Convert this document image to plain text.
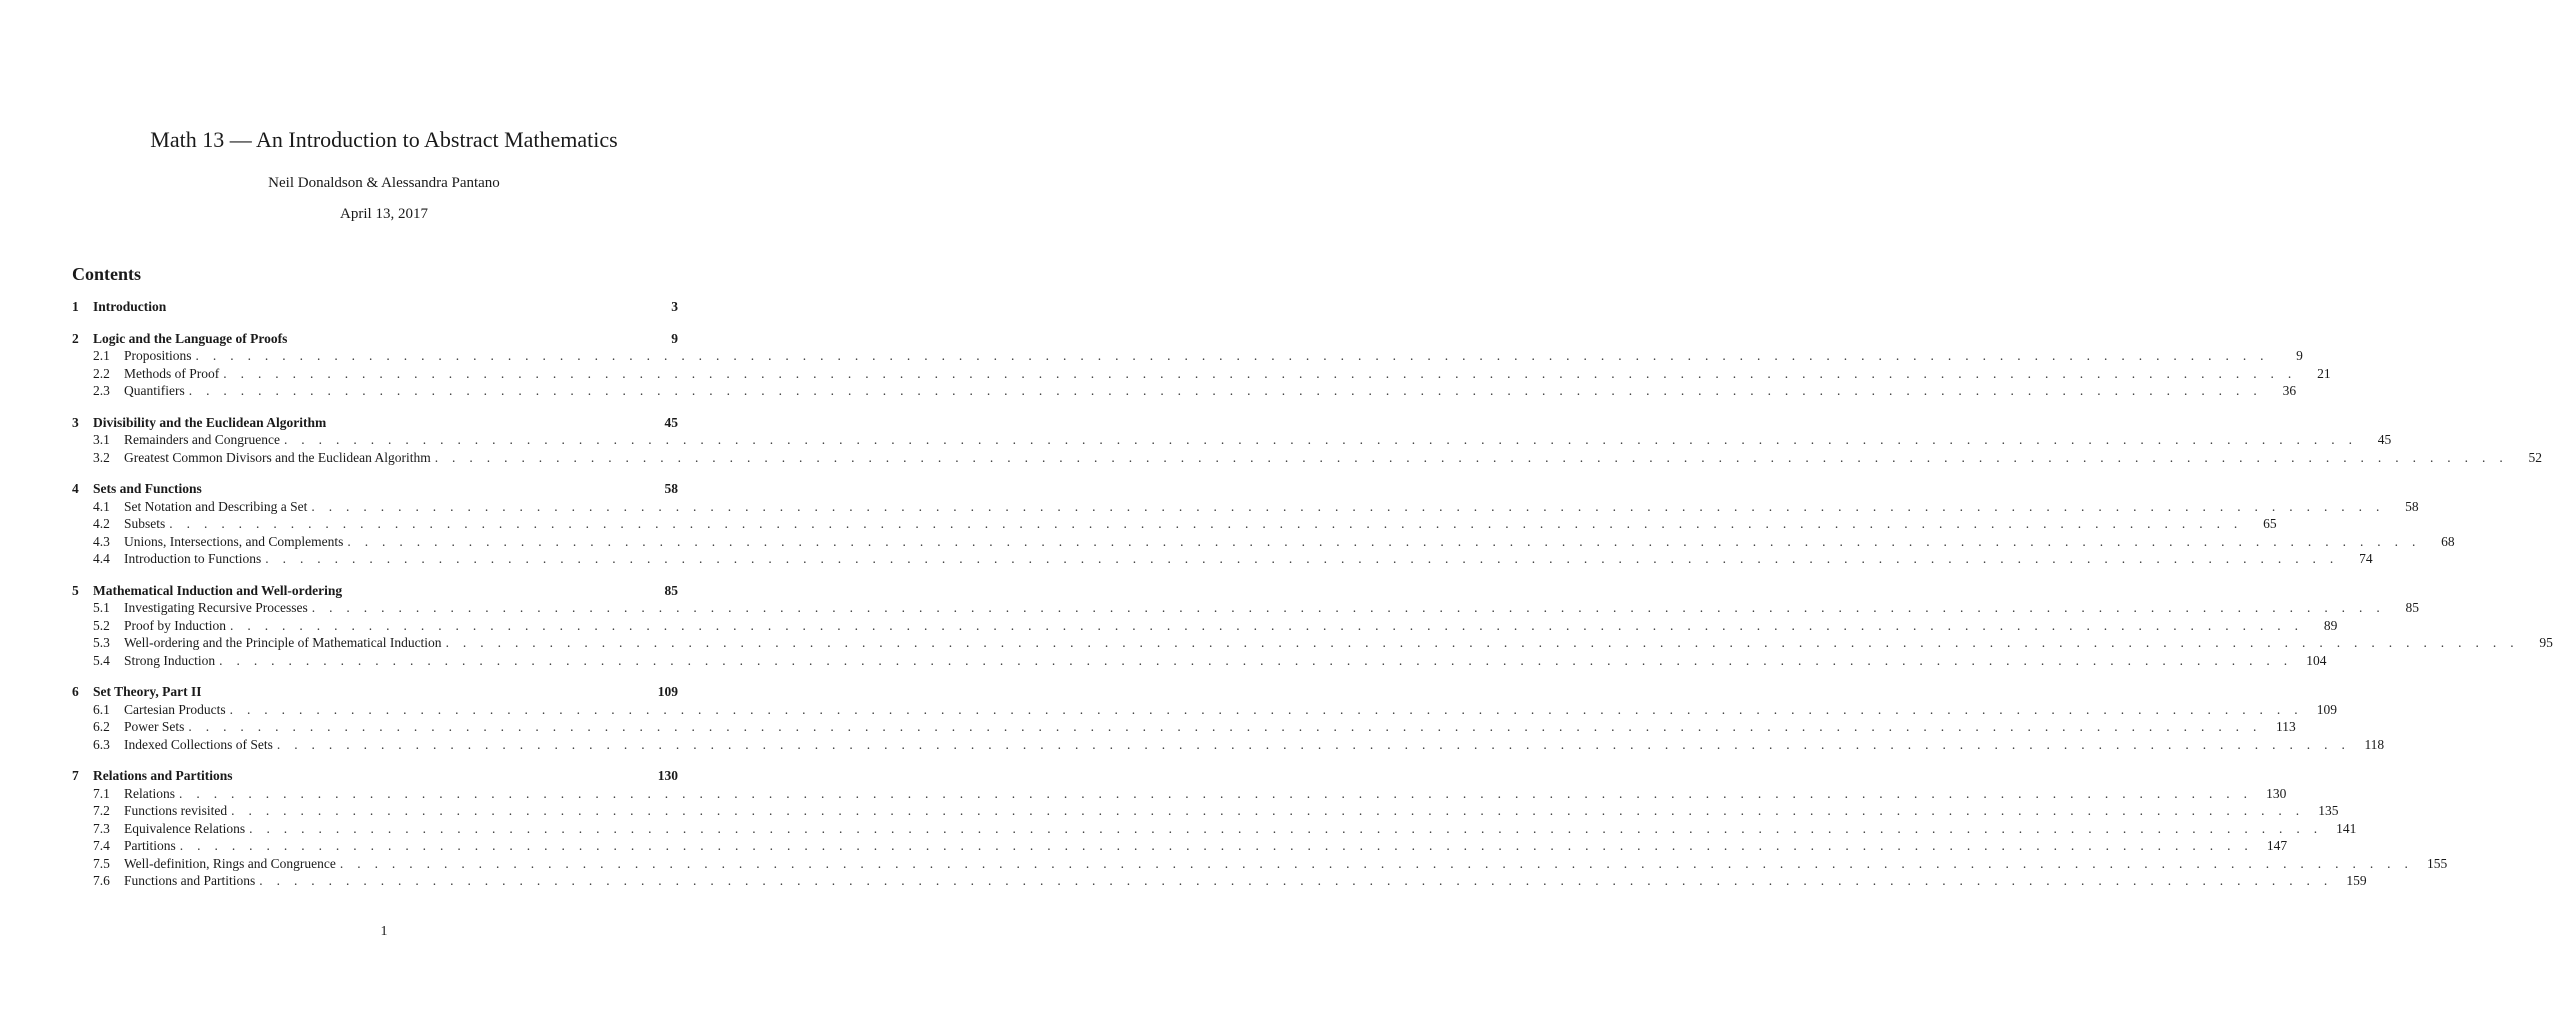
Math 13 — An Introduction to Abstract Mathematics
Neil Donaldson & Alessandra Pantano
April 13, 2017
Contents
1	Introduction	3
2	Logic and the Language of Proofs	9
2.1	Propositions . . . . . . . . . . . . . . . . . . . . . . . . . . . . . . . . . . . . . . . . . . . . . . . . . . . . . . . . . . . . . . . . . . . . . . . . . . . . . . . . . . . . . . . . . . . . . . . . . . . . . . . . . . . . . . . . . . . . . . . .	9
2.2	Methods of Proof . . . . . . . . . . . . . . . . . . . . . . . . . . . . . . . . . . . . . . . . . . . . . . . . . . . . . . . . . . . . . . . . . . . . . . . . . . . . . . . . . . . . . . . . . . . . . . . . . . . . . . . . . . . . . . . . . . . . . . . .	21
2.3	Quantifiers . . . . . . . . . . . . . . . . . . . . . . . . . . . . . . . . . . . . . . . . . . . . . . . . . . . . . . . . . . . . . . . . . . . . . . . . . . . . . . . . . . . . . . . . . . . . . . . . . . . . . . . . . . . . . . . . . . . . . . . .	36
3	Divisibility and the Euclidean Algorithm	45
3.1	Remainders and Congruence . . . . . . . . . . . . . . . . . . . . . . . . . . . . . . . . . . . . . . . . . . . . . . . . . . . . . . . . . . . . . . . . . . . . . . . . . . . . . . . . . . . . . . . . . . . . . . . . . . . . . . . . . . . . . . . . . . . . . . . .	45
3.2	Greatest Common Divisors and the Euclidean Algorithm . . . . . . . . . . . . . . . . . . . . . . . . . . . . . . . . . . . . . . . . . . . . . . . . . . . . . . . . . . . . . . . . . . . . . . . . . . . . . . . . . . . . . . . . . . . . . . . . . . . . . . . . . . . . . . . . . . . . . . . .	52
4	Sets and Functions	58
4.1	Set Notation and Describing a Set . . . . . . . . . . . . . . . . . . . . . . . . . . . . . . . . . . . . . . . . . . . . . . . . . . . . . . . . . . . . . . . . . . . . . . . . . . . . . . . . . . . . . . . . . . . . . . . . . . . . . . . . . . . . . . . . . . . . . . . .	58
4.2	Subsets . . . . . . . . . . . . . . . . . . . . . . . . . . . . . . . . . . . . . . . . . . . . . . . . . . . . . . . . . . . . . . . . . . . . . . . . . . . . . . . . . . . . . . . . . . . . . . . . . . . . . . . . . . . . . . . . . . . . . . . .	65
4.3	Unions, Intersections, and Complements . . . . . . . . . . . . . . . . . . . . . . . . . . . . . . . . . . . . . . . . . . . . . . . . . . . . . . . . . . . . . . . . . . . . . . . . . . . . . . . . . . . . . . . . . . . . . . . . . . . . . . . . . . . . . . . . . . . . . . . .	68
4.4	Introduction to Functions . . . . . . . . . . . . . . . . . . . . . . . . . . . . . . . . . . . . . . . . . . . . . . . . . . . . . . . . . . . . . . . . . . . . . . . . . . . . . . . . . . . . . . . . . . . . . . . . . . . . . . . . . . . . . . . . . . . . . . . .	74
5	Mathematical Induction and Well-ordering	85
5.1	Investigating Recursive Processes . . . . . . . . . . . . . . . . . . . . . . . . . . . . . . . . . . . . . . . . . . . . . . . . . . . . . . . . . . . . . . . . . . . . . . . . . . . . . . . . . . . . . . . . . . . . . . . . . . . . . . . . . . . . . . . . . . . . . . . .	85
5.2	Proof by Induction . . . . . . . . . . . . . . . . . . . . . . . . . . . . . . . . . . . . . . . . . . . . . . . . . . . . . . . . . . . . . . . . . . . . . . . . . . . . . . . . . . . . . . . . . . . . . . . . . . . . . . . . . . . . . . . . . . . . . . . .	89
5.3	Well-ordering and the Principle of Mathematical Induction . . . . . . . . . . . . . . . . . . . . . . . . . . . . . . . . . . . . . . . . . . . . . . . . . . . . . . . . . . . . . . . . . . . . . . . . . . . . . . . . . . . . . . . . . . . . . . . . . . . . . . . . . . . . . . . . . . . . . . . .	95
5.4	Strong Induction . . . . . . . . . . . . . . . . . . . . . . . . . . . . . . . . . . . . . . . . . . . . . . . . . . . . . . . . . . . . . . . . . . . . . . . . . . . . . . . . . . . . . . . . . . . . . . . . . . . . . . . . . . . . . . . . . . . . . . . .	104
6	Set Theory, Part II	109
6.1	Cartesian Products . . . . . . . . . . . . . . . . . . . . . . . . . . . . . . . . . . . . . . . . . . . . . . . . . . . . . . . . . . . . . . . . . . . . . . . . . . . . . . . . . . . . . . . . . . . . . . . . . . . . . . . . . . . . . . . . . . . . . . . .	109
6.2	Power Sets . . . . . . . . . . . . . . . . . . . . . . . . . . . . . . . . . . . . . . . . . . . . . . . . . . . . . . . . . . . . . . . . . . . . . . . . . . . . . . . . . . . . . . . . . . . . . . . . . . . . . . . . . . . . . . . . . . . . . . . .	113
6.3	Indexed Collections of Sets . . . . . . . . . . . . . . . . . . . . . . . . . . . . . . . . . . . . . . . . . . . . . . . . . . . . . . . . . . . . . . . . . . . . . . . . . . . . . . . . . . . . . . . . . . . . . . . . . . . . . . . . . . . . . . . . . . . . . . . .	118
7	Relations and Partitions	130
7.1	Relations . . . . . . . . . . . . . . . . . . . . . . . . . . . . . . . . . . . . . . . . . . . . . . . . . . . . . . . . . . . . . . . . . . . . . . . . . . . . . . . . . . . . . . . . . . . . . . . . . . . . . . . . . . . . . . . . . . . . . . . .	130
7.2	Functions revisited . . . . . . . . . . . . . . . . . . . . . . . . . . . . . . . . . . . . . . . . . . . . . . . . . . . . . . . . . . . . . . . . . . . . . . . . . . . . . . . . . . . . . . . . . . . . . . . . . . . . . . . . . . . . . . . . . . . . . . . .	135
7.3	Equivalence Relations . . . . . . . . . . . . . . . . . . . . . . . . . . . . . . . . . . . . . . . . . . . . . . . . . . . . . . . . . . . . . . . . . . . . . . . . . . . . . . . . . . . . . . . . . . . . . . . . . . . . . . . . . . . . . . . . . . . . . . . .	141
7.4	Partitions . . . . . . . . . . . . . . . . . . . . . . . . . . . . . . . . . . . . . . . . . . . . . . . . . . . . . . . . . . . . . . . . . . . . . . . . . . . . . . . . . . . . . . . . . . . . . . . . . . . . . . . . . . . . . . . . . . . . . . . .	147
7.5	Well-definition, Rings and Congruence . . . . . . . . . . . . . . . . . . . . . . . . . . . . . . . . . . . . . . . . . . . . . . . . . . . . . . . . . . . . . . . . . . . . . . . . . . . . . . . . . . . . . . . . . . . . . . . . . . . . . . . . . . . . . . . . . . . . . . . .	155
7.6	Functions and Partitions . . . . . . . . . . . . . . . . . . . . . . . . . . . . . . . . . . . . . . . . . . . . . . . . . . . . . . . . . . . . . . . . . . . . . . . . . . . . . . . . . . . . . . . . . . . . . . . . . . . . . . . . . . . . . . . . . . . . . . . .	159
1
